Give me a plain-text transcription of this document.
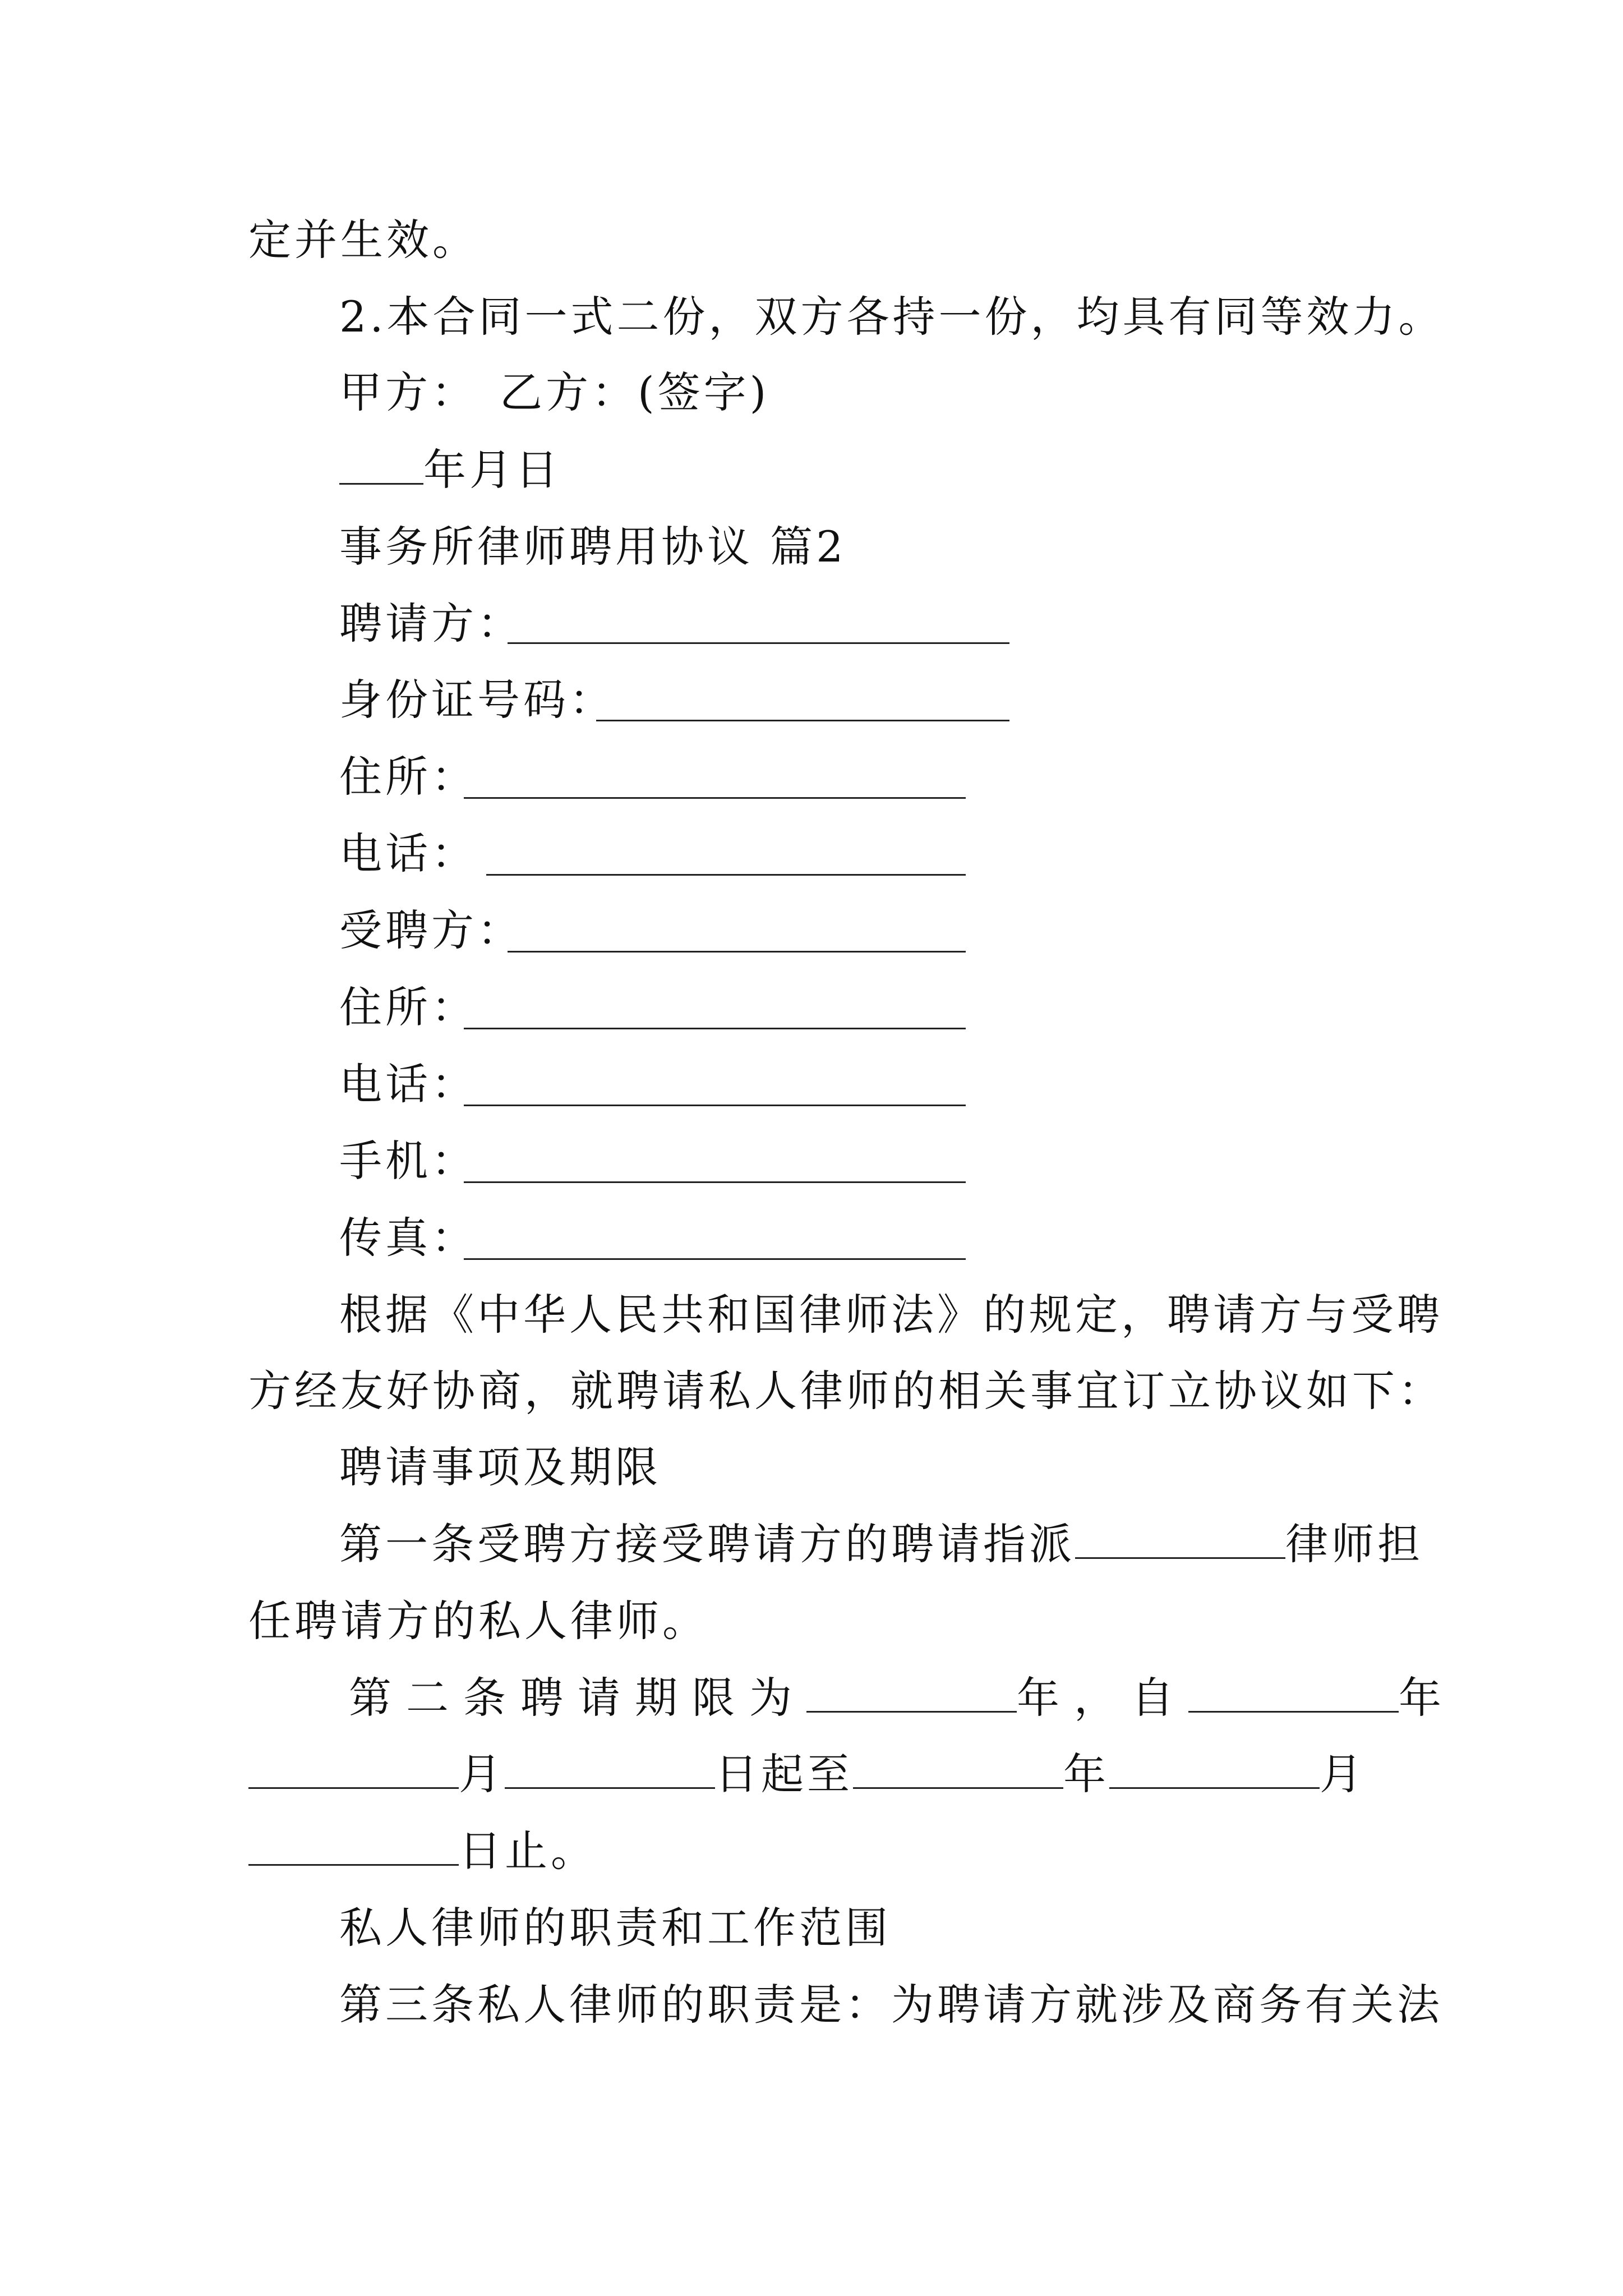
定并生效。
2.本合同一式二份，双方各持一份，均具有同等效力。
甲方： 乙方：(签字)
年月日
事务所律师聘用协议 篇2
聘请方：
身份证号码：
住所：
电话：
受聘方：
住所：
电话：
手机：
传真：
根据《中华人民共和国律师法》的规定，聘请方与受聘
方经友好协商，就聘请私人律师的相关事宜订立协议如下：
聘请事项及期限
第一条受聘方接受聘请方的聘请指派	律师担
任聘请方的私人律师。
第二条聘请期限为	年，自	年
月	日起至	年	月
日止。
私人律师的职责和工作范围
第三条私人律师的职责是：为聘请方就涉及商务有关法
